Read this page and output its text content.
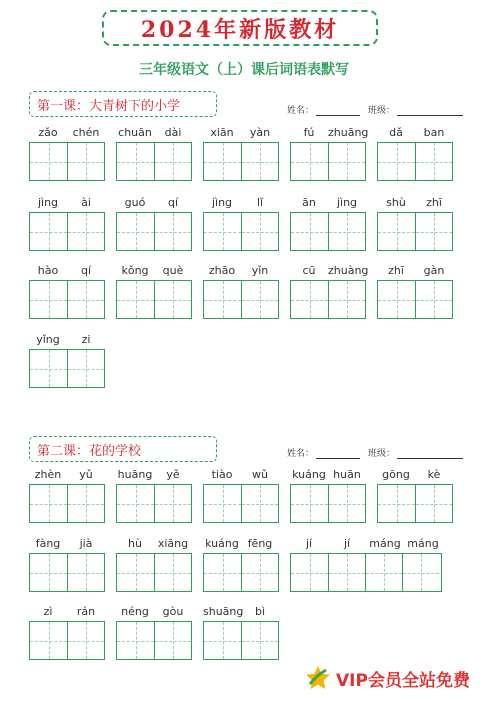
2024年新版教材
三年级语文（上）课后词语表默写
第一课：大青树下的小学	姓名：	班级：
第二课：花的学校	姓名：	班级：
zǎo	chén	chuān	dài	xiān	yàn	fú	zhuāng	dǎ	ban
jìng	ài	guó	qí	jìng	lǐ	ān	jìng	shù	zhī
hào	qí	kǒng	què	zhāo	yǐn	cū	zhuàng	zhī	gàn
yǐng	zi
zhèn	yǔ	huāng	yě	tiào	wǔ	kuáng huān	gōng	kè
fàng	jià	hù	xiāng	kuáng fēng	jí	jí	máng máng
zì	rán	néng	gòu	shuāng	bì
VIP会员全站免费
